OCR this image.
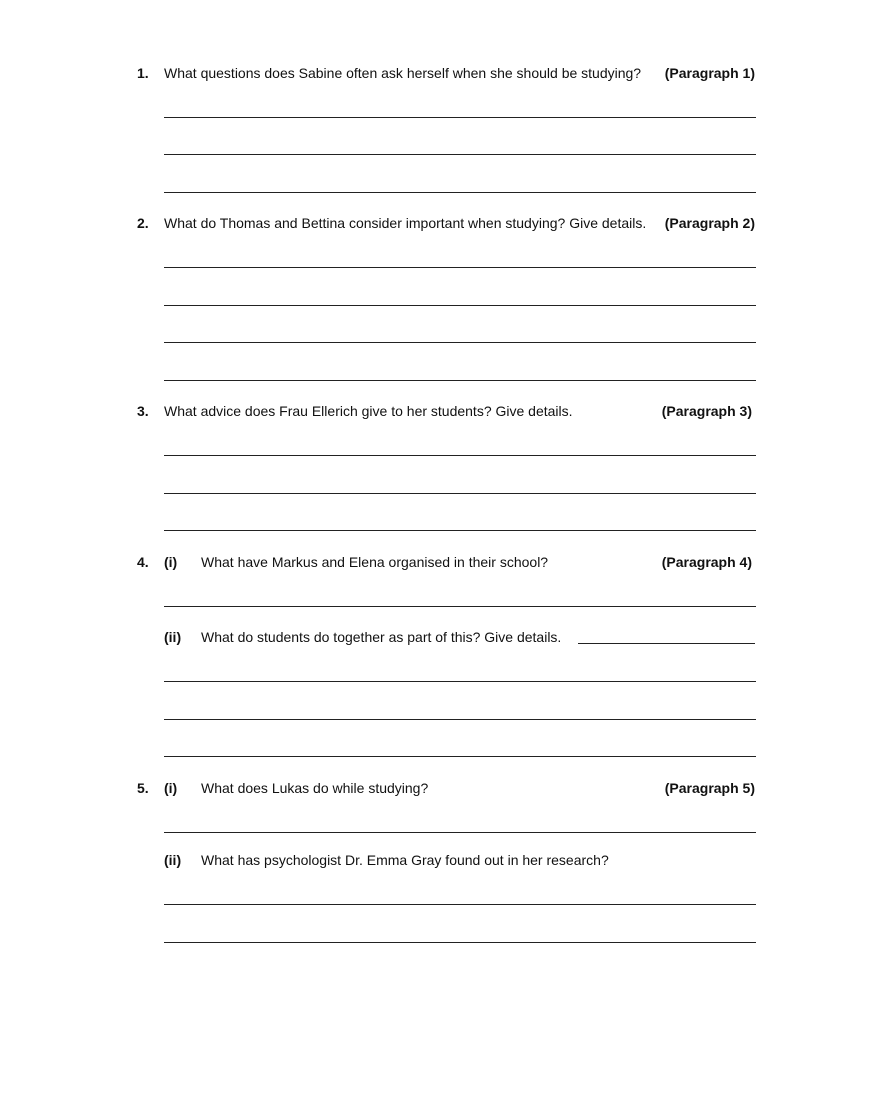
1. What questions does Sabine often ask herself when she should be studying? (Paragraph 1)
2. What do Thomas and Bettina consider important when studying? Give details. (Paragraph 2)
3. What advice does Frau Ellerich give to her students? Give details.	(Paragraph 3)
4. (i) What have Markus and Elena organised in their school?	(Paragraph 4)
(ii) What do students do together as part of this? Give details.
5. (i) What does Lukas do while studying?	(Paragraph 5)
(ii) What has psychologist Dr. Emma Gray found out in her research?
